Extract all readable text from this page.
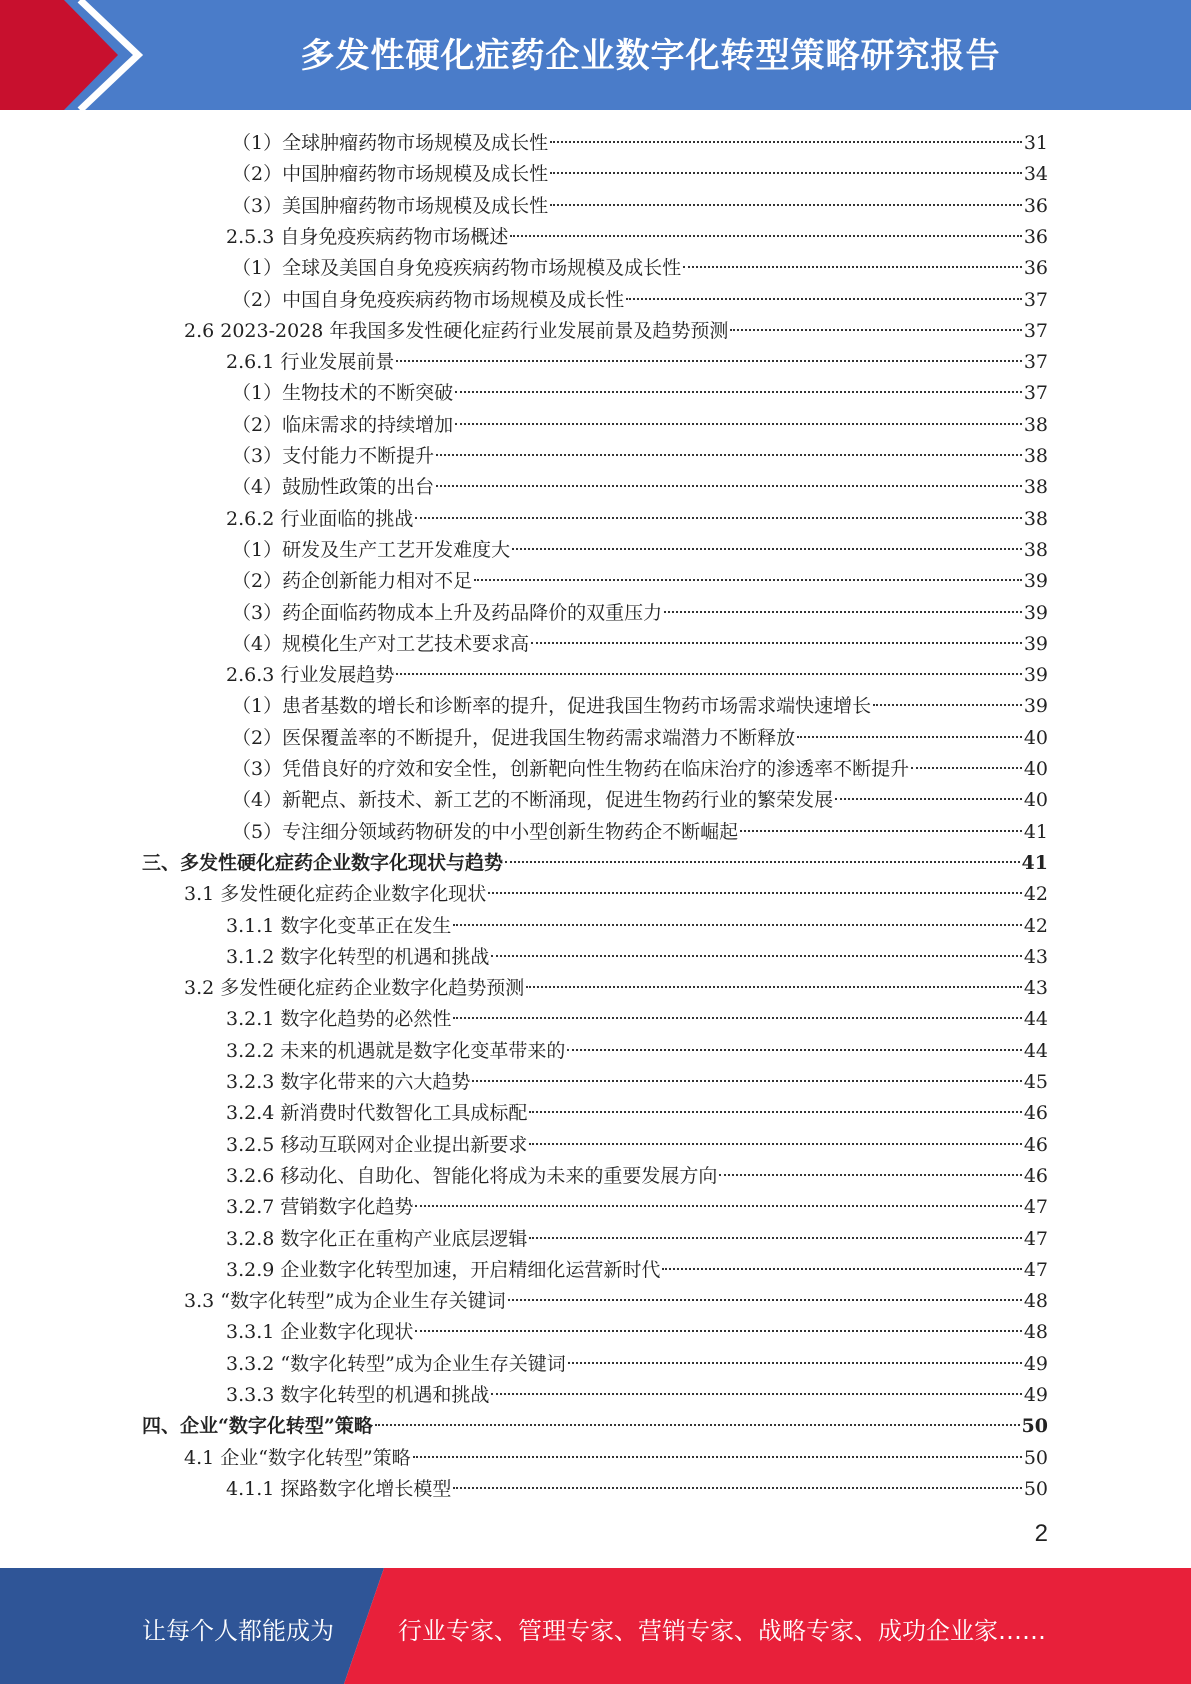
多发性硬化症药企业数字化转型策略研究报告
（1）全球肿瘤药物市场规模及成长性	31
（2）中国肿瘤药物市场规模及成长性	34
（3）美国肿瘤药物市场规模及成长性	36
2.5.3 自身免疫疾病药物市场概述	36
（1）全球及美国自身免疫疾病药物市场规模及成长性	36
（2）中国自身免疫疾病药物市场规模及成长性	37
2.6 2023-2028 年我国多发性硬化症药行业发展前景及趋势预测	37
2.6.1 行业发展前景	37
（1）生物技术的不断突破	37
（2）临床需求的持续增加	38
（3）支付能力不断提升	38
（4）鼓励性政策的出台	38
2.6.2 行业面临的挑战	38
（1）研发及生产工艺开发难度大	38
（2）药企创新能力相对不足	39
（3）药企面临药物成本上升及药品降价的双重压力	39
（4）规模化生产对工艺技术要求高	39
2.6.3 行业发展趋势	39
（1）患者基数的增长和诊断率的提升，促进我国生物药市场需求端快速增长	39
（2）医保覆盖率的不断提升，促进我国生物药需求端潜力不断释放	40
（3）凭借良好的疗效和安全性，创新靶向性生物药在临床治疗的渗透率不断提升	40
（4）新靶点、新技术、新工艺的不断涌现，促进生物药行业的繁荣发展	40
（5）专注细分领域药物研发的中小型创新生物药企不断崛起	41
三、多发性硬化症药企业数字化现状与趋势	41
3.1 多发性硬化症药企业数字化现状	42
3.1.1 数字化变革正在发生	42
3.1.2 数字化转型的机遇和挑战	43
3.2 多发性硬化症药企业数字化趋势预测	43
3.2.1 数字化趋势的必然性	44
3.2.2 未来的机遇就是数字化变革带来的	44
3.2.3 数字化带来的六大趋势	45
3.2.4 新消费时代数智化工具成标配	46
3.2.5 移动互联网对企业提出新要求	46
3.2.6 移动化、自助化、智能化将成为未来的重要发展方向	46
3.2.7 营销数字化趋势	47
3.2.8 数字化正在重构产业底层逻辑	47
3.2.9 企业数字化转型加速，开启精细化运营新时代	47
3.3 “数字化转型”成为企业生存关键词	48
3.3.1 企业数字化现状	48
3.3.2 “数字化转型”成为企业生存关键词	49
3.3.3 数字化转型的机遇和挑战	49
四、企业“数字化转型”策略	50
4.1 企业“数字化转型”策略	50
4.1.1 探路数字化增长模型	50
2
让每个人都能成为	行业专家、管理专家、营销专家、战略专家、成功企业家……
